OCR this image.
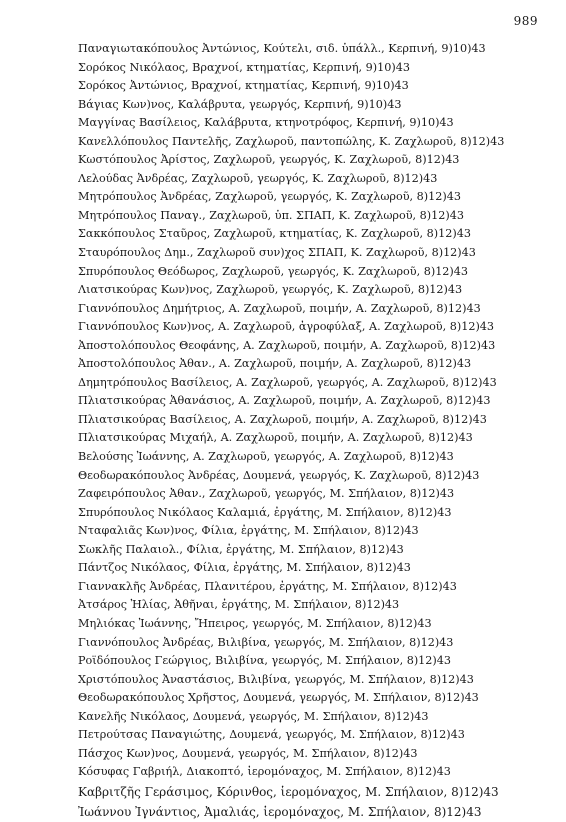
989
Παναγιωτακόπουλος Ἀντώνιος, Κούτελι, σιδ. ὑπάλλ., Κερπινή, 9)10)43
Σορόκος Νικόλαος, Βραχνοί, κτηματίας, Κερπινή, 9)10)43
Σορόκος Ἀντώνιος, Βραχνοί, κτηματίας, Κερπινή, 9)10)43
Βάγιας Κων)νος, Καλάβρυτα, γεωργός, Κερπινή, 9)10)43
Μαγγίνας Βασίλειος, Καλάβρυτα, κτηνοτρόφος, Κερπινή, 9)10)43
Κανελλόπουλος Παντελῆς, Ζαχλωροῦ, παντοπώλης, Κ. Ζαχλωροῦ, 8)12)43
Κωστόπουλος Ἀρίστος, Ζαχλωροῦ, γεωργός, Κ. Ζαχλωροῦ, 8)12)43
Λελούδας Ἀνδρέας, Ζαχλωροῦ, γεωργός, Κ. Ζαχλωροῦ, 8)12)43
Μητρόπουλος Ἀνδρέας, Ζαχλωροῦ, γεωργός, Κ. Ζαχλωροῦ, 8)12)43
Μητρόπουλος Παναγ., Ζαχλωροῦ, ὑπ. ΣΠΑΠ, Κ. Ζαχλωροῦ, 8)12)43
Σακκόπουλος Σταῦρος, Ζαχλωροῦ, κτηματίας, Κ. Ζαχλωροῦ, 8)12)43
Σταυρόπουλος Δημ., Ζαχλωροῦ συν)χος ΣΠΑΠ, Κ. Ζαχλωροῦ, 8)12)43
Σπυρόπουλος Θεόδωρος, Ζαχλωροῦ, γεωργός, Κ. Ζαχλωροῦ, 8)12)43
Λιατσικούρας Κων)νος, Ζαχλωροῦ, γεωργός, Κ. Ζαχλωροῦ, 8)12)43
Γιαννόπουλος Δημήτριος, Α. Ζαχλωροῦ, ποιμήν, Α. Ζαχλωροῦ, 8)12)43
Γιαννόπουλος Κων)νος, Α. Ζαχλωροῦ, ἀγροφύλαξ, Α. Ζαχλωροῦ, 8)12)43
Ἀποστολόπουλος Θεοφάνης, Α. Ζαχλωροῦ, ποιμήν, Α. Ζαχλωροῦ, 8)12)43
Ἀποστολόπουλος Ἀθαν., Α. Ζαχλωροῦ, ποιμήν, Α. Ζαχλωροῦ, 8)12)43
Δημητρόπουλος Βασίλειος, Α. Ζαχλωροῦ, γεωργός, Α. Ζαχλωροῦ, 8)12)43
Πλιατσικούρας Ἀθανάσιος, Α. Ζαχλωροῦ, ποιμήν, Α. Ζαχλωροῦ, 8)12)43
Πλιατσικούρας Βασίλειος, Α. Ζαχλωροῦ, ποιμήν, Α. Ζαχλωροῦ, 8)12)43
Πλιατσικούρας Μιχαήλ, Α. Ζαχλωροῦ, ποιμήν, Α. Ζαχλωροῦ, 8)12)43
Βελούσης Ἰωάννης, Α. Ζαχλωροῦ, γεωργός, Α. Ζαχλωροῦ, 8)12)43
Θεοδωρακόπουλος Ἀνδρέας, Δουμενά, γεωργός, Κ. Ζαχλωροῦ, 8)12)43
Ζαφειρόπουλος Ἀθαν., Ζαχλωροῦ, γεωργός, Μ. Σπήλαιον, 8)12)43
Σπυρόπουλος Νικόλαος Καλαμιά, ἐργάτης, Μ. Σπήλαιον, 8)12)43
Νταφαλιᾶς Κων)νος, Φίλια, ἐργάτης, Μ. Σπήλαιον, 8)12)43
Σωκλῆς Παλαιολ., Φίλια, ἐργάτης, Μ. Σπήλαιον, 8)12)43
Πάντζος Νικόλαος, Φίλια, ἐργάτης, Μ. Σπήλαιον, 8)12)43
Γιαννακλῆς Ἀνδρέας, Πλανιτέρου, ἐργάτης, Μ. Σπήλαιον, 8)12)43
Ἀτσάρος Ἠλίας, Ἀθῆναι, ἐργάτης, Μ. Σπήλαιον, 8)12)43
Μηλιόκας Ἰωάννης, Ἤπειρος, γεωργός, Μ. Σπήλαιον, 8)12)43
Γιαννόπουλος Ἀνδρέας, Βιλιβίνα, γεωργός, Μ. Σπήλαιον, 8)12)43
Ροϊδόπουλος Γεώργιος, Βιλιβίνα, γεωργός, Μ. Σπήλαιον, 8)12)43
Χριστόπουλος Ἀναστάσιος, Βιλιβίνα, γεωργός, Μ. Σπήλαιον, 8)12)43
Θεοδωρακόπουλος Χρῆστος, Δουμενά, γεωργός, Μ. Σπήλαιον, 8)12)43
Κανελῆς Νικόλαος, Δουμενά, γεωργός, Μ. Σπήλαιον, 8)12)43
Πετρούτσας Παναγιώτης, Δουμενά, γεωργός, Μ. Σπήλαιον, 8)12)43
Πάσχος Κων)νος, Δουμενά, γεωργός, Μ. Σπήλαιον, 8)12)43
Κόσυφας Γαβριήλ, Διακοπτό, ἱερομόναχος, Μ. Σπήλαιον, 8)12)43
Καβριτζῆς Γεράσιμος, Κόρινθος, ἱερομόναχος, Μ. Σπήλαιον, 8)12)43
Ἰωάννου Ἰγνάντιος, Ἀμαλιάς, ἱερομόναχος, Μ. Σπήλαιον, 8)12)43
